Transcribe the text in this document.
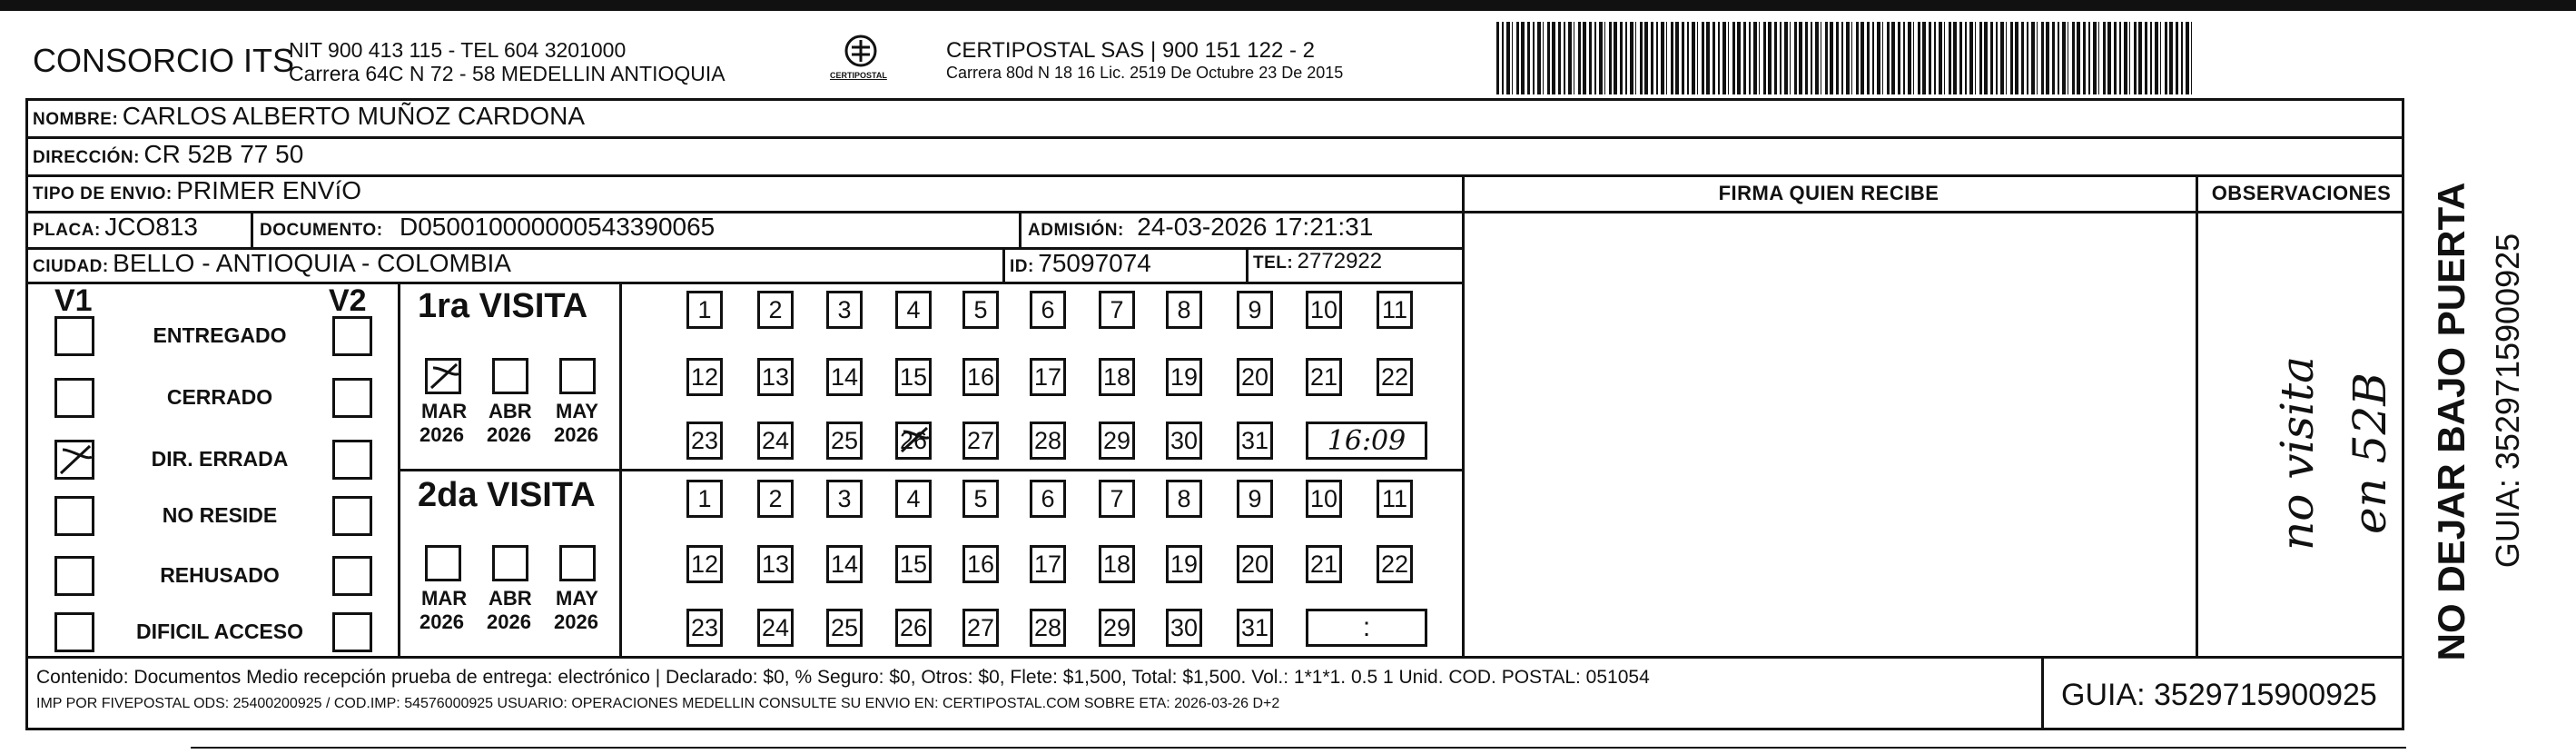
CONSORCIO ITS
NIT 900 413 115 - TEL 604 3201000
Carrera 64C N 72 - 58 MEDELLIN ANTIOQUIA	CERTIPOSTAL
CERTIPOSTAL SAS | 900 151 122 - 2
Carrera 80d N 18 16 Lic. 2519 De Octubre 23 De 2015
NOMBRE: CARLOS ALBERTO MUÑOZ CARDONA
DIRECCIÓN: CR 52B 77 50
TIPO DE ENVIO: PRIMER ENVíO	FIRMA QUIEN RECIBE	OBSERVACIONES
PLACA: JCO813	DOCUMENTO: D050010000000543390065	ADMISIÓN: 24-03-2026 17:21:31
CIUDAD: BELLO - ANTIOQUIA - COLOMBIA	ID: 75097074	TEL: 2772922
V1	V2
ENTREGADO
CERRADO
DIR. ERRADA
NO RESIDE
REHUSADO
DIFICIL ACCESO
1ra VISITA
MAR
2026
ABR
2026
MAY
2026
1	2	3	4	5	6	7	8	9	10 11
12 13 14 15 16 17 18 19 20 21 22
23 24 25 26 27 28 29 30 31	16:09
2da VISITA
MAR
2026
ABR
2026
MAY
2026
1	2	3	4	5	6	7	8	9	10 11
12 13 14 15 16 17 18 19 20 21 22
23 24 25 26 27 28 29 30 31	:
no visita en 52B NO DEJAR BAJO PUERTA GUIA: 3529715900925
Contenido: Documentos Medio recepción prueba de entrega: electrónico | Declarado: $0, % Seguro: $0, Otros: $0, Flete: $1,500, Total: $1,500. Vol.: 1*1*1. 0.5 1 Unid. COD. POSTAL: 051054
IMP POR FIVEPOSTAL ODS: 25400200925 / COD.IMP: 54576000925 USUARIO: OPERACIONES MEDELLIN CONSULTE SU ENVIO EN: CERTIPOSTAL.COM SOBRE ETA: 2026-03-26 D+2	GUIA: 3529715900925
